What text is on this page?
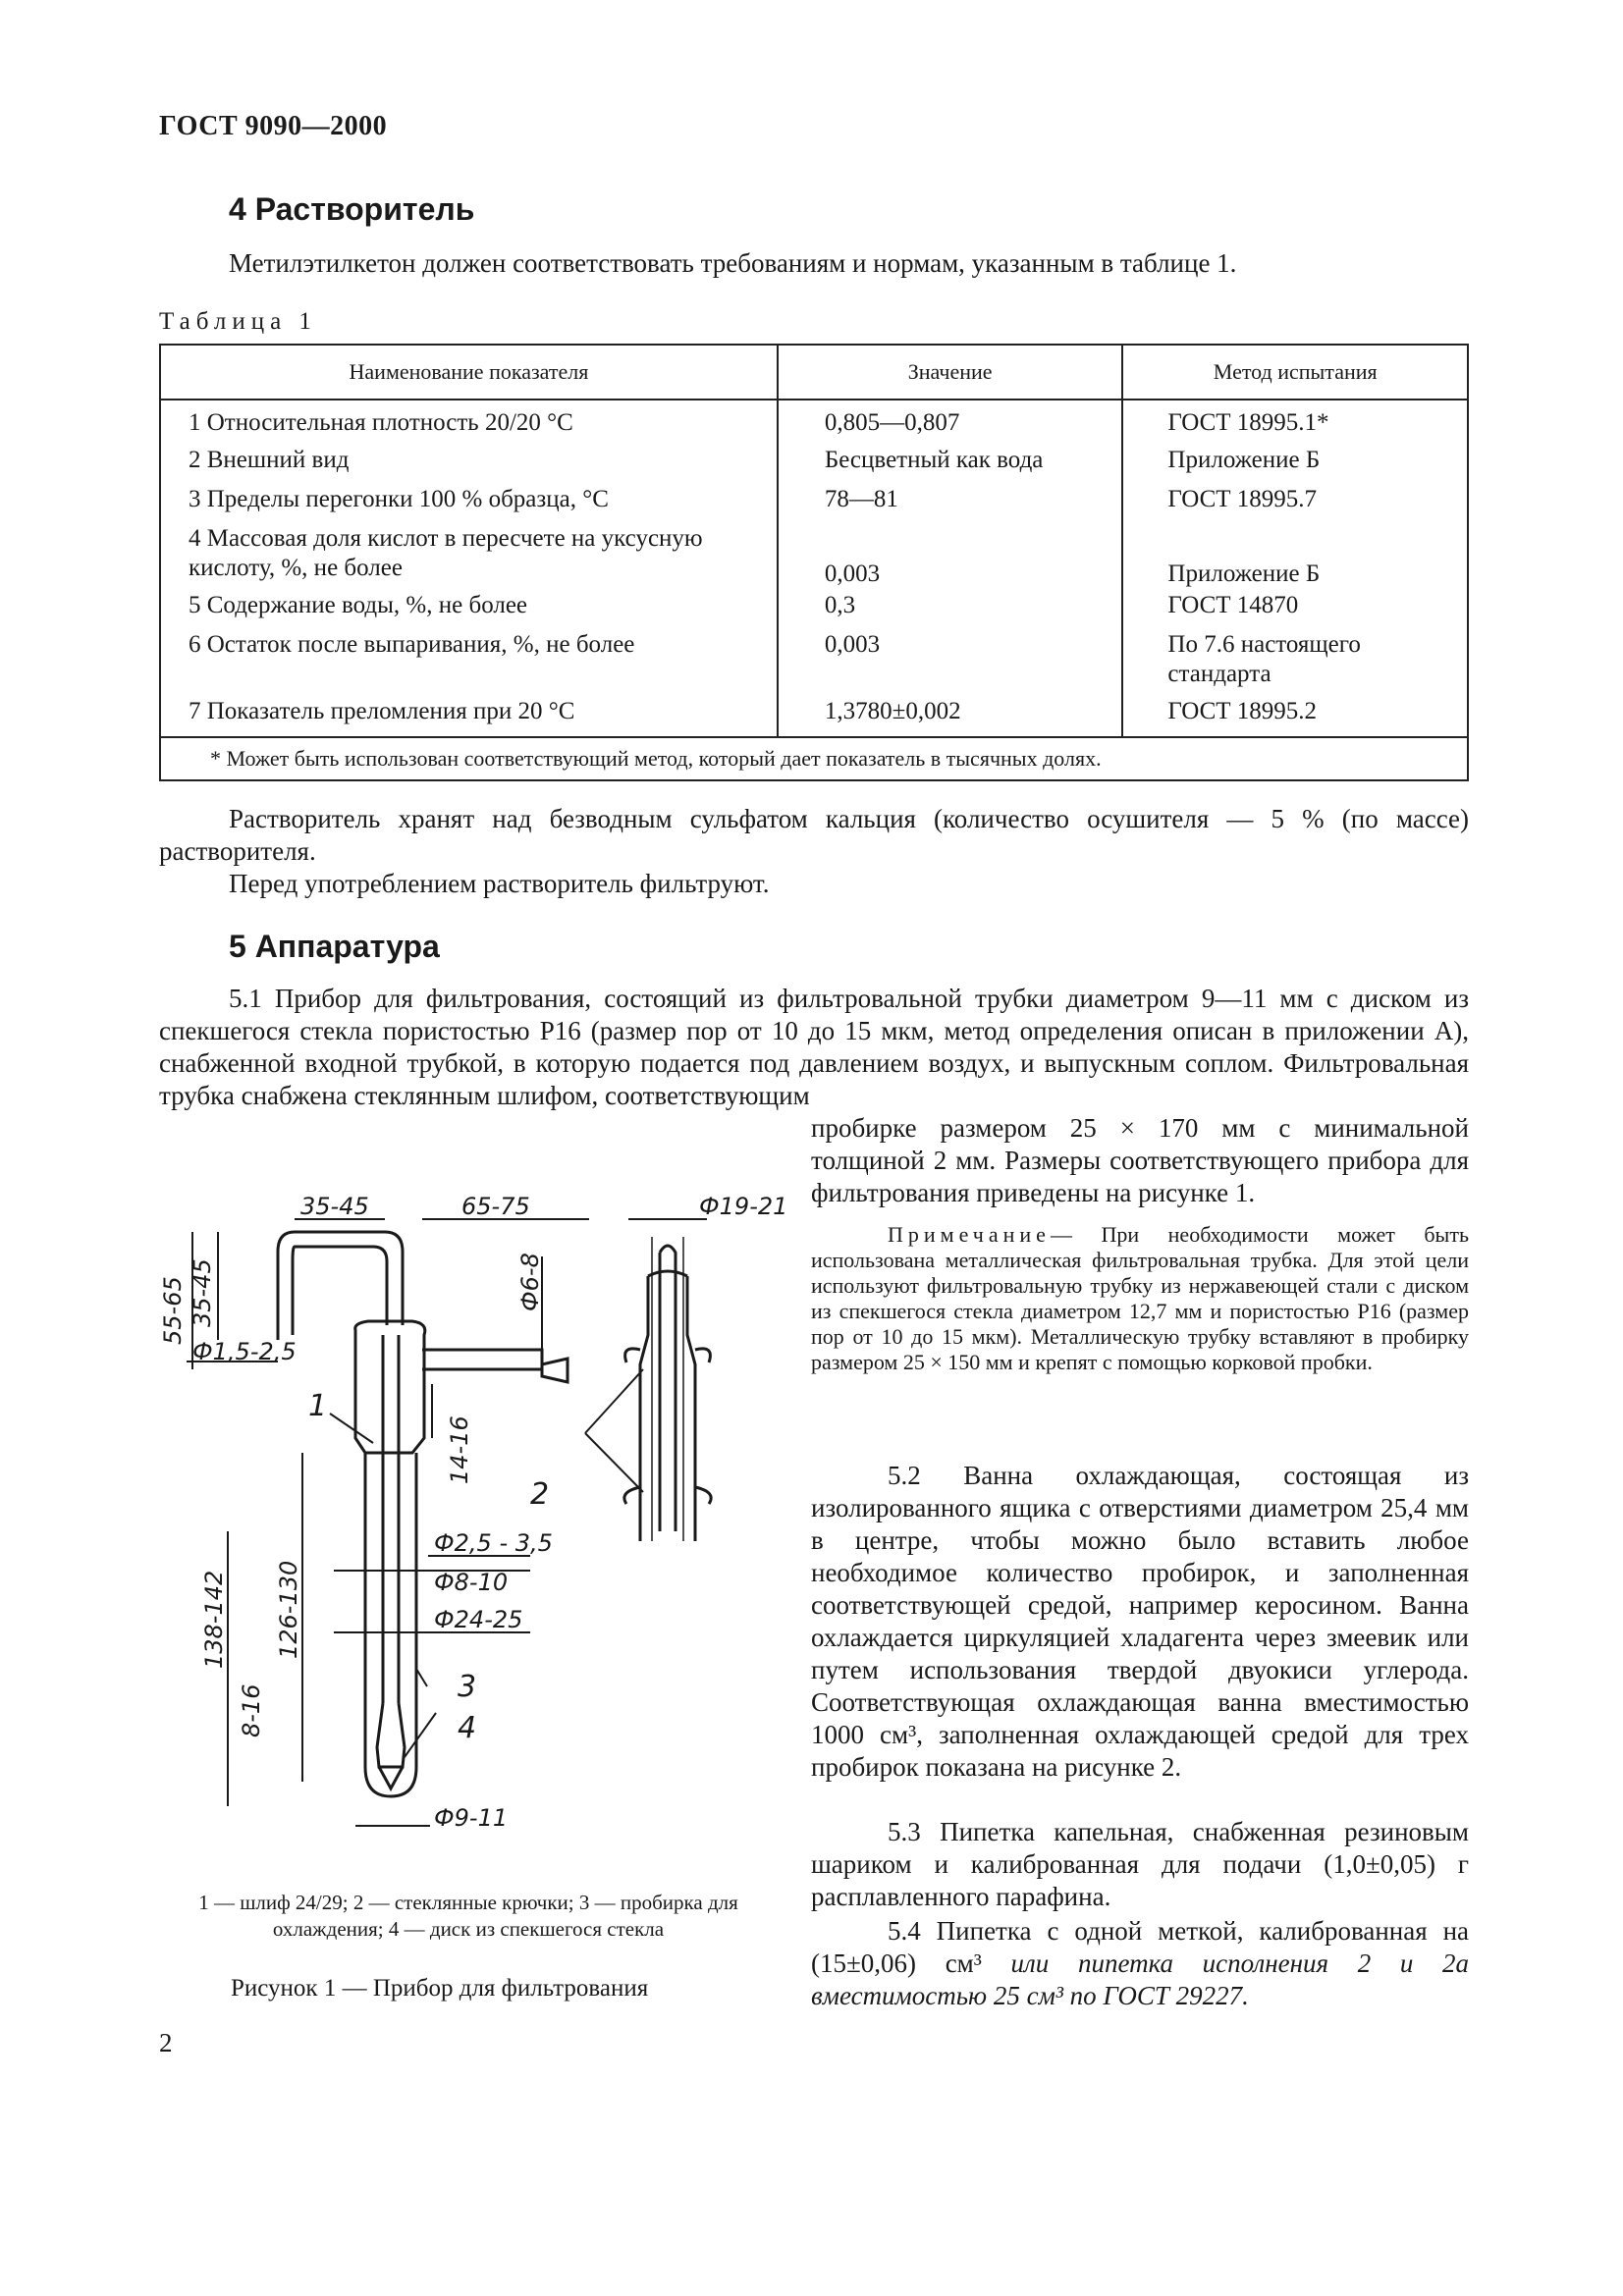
ГОСТ 9090—2000
4 Растворитель
Метилэтилкетон должен соответствовать требованиям и нормам, указанным в таблице 1.
Таблица 1
Наименование показателя	Значение	Метод испытания
1 Относительная плотность 20/20 °С	0,805—0,807	ГОСТ 18995.1*
2 Внешний вид	Бесцветный как вода	Приложение Б
3 Пределы перегонки 100 % образца, °С	78—81	ГОСТ 18995.7
4 Массовая доля кислот в пересчете на уксусную кислоту, %, не более	0,003	Приложение Б
5 Содержание воды, %, не более	0,3	ГОСТ 14870
6 Остаток после выпаривания, %, не более	0,003	По 7.6 настоящего стандарта
7 Показатель преломления при 20 °С	1,3780±0,002	ГОСТ 18995.2
* Может быть использован соответствующий метод, который дает показатель в тысячных долях.		
Растворитель хранят над безводным сульфатом кальция (количество осушителя — 5 % (по массе) растворителя.
Перед употреблением растворитель фильтруют.
5 Аппаратура
5.1 Прибор для фильтрования, состоящий из фильтровальной трубки диаметром 9—11 мм с диском из спекшегося стекла пористостью Р16 (размер пор от 10 до 15 мкм, метод определения описан в приложении А), снабженной входной трубкой, в которую подается под давлением воздух, и выпускным соплом. Фильтровальная трубка снабжена стеклянным шлифом, соответствующим
пробирке размером 25 × 170 мм с минимальной толщиной 2 мм. Размеры соответствующего прибора для фильтрования приведены на рисунке 1.
Примечание— При необходимости может быть использована металлическая фильтровальная трубка. Для этой цели используют фильтровальную трубку из нержавеющей стали с диском из спекшегося стекла диаметром 12,7 мм и пористостью Р16 (размер пор от 10 до 15 мкм). Металлическую трубку вставляют в пробирку размером 25 × 150 мм и крепят с помощью корковой пробки.
5.2 Ванна охлаждающая, состоящая из изолированного ящика с отверстиями диаметром 25,4 мм в центре, чтобы можно было вставить любое необходимое количество пробирок, и заполненная соответствующей средой, например керосином. Ванна охлаждается циркуляцией хладагента через змеевик или путем использования твердой двуокиси углерода. Соответствующая охлаждающая ванна вместимостью 1000 см³, заполненная охлаждающей средой для трех пробирок показана на рисунке 2.
5.3 Пипетка капельная, снабженная резиновым шариком и калиброванная для подачи (1,0±0,05) г расплавленного парафина.
5.4 Пипетка с одной меткой, калиброванная на (15±0,06) см³ или пипетка исполнения 2 и 2а вместимостью 25 см³ по ГОСТ 29227.
35-45	65-75	Ф19-21
55-65 35-45	Ф6-8
Ф1,5-2,5
14-16
Ф2,5 - 3,5
Ф8-10
Ф24-25
138-142 126-130
8-16
Ф9-11
1
2
3
4
1 — шлиф 24/29; 2 — стеклянные крючки; 3 — пробирка для охлаждения; 4 — диск из спекшегося стекла
Рисунок 1 — Прибор для фильтрования
2
